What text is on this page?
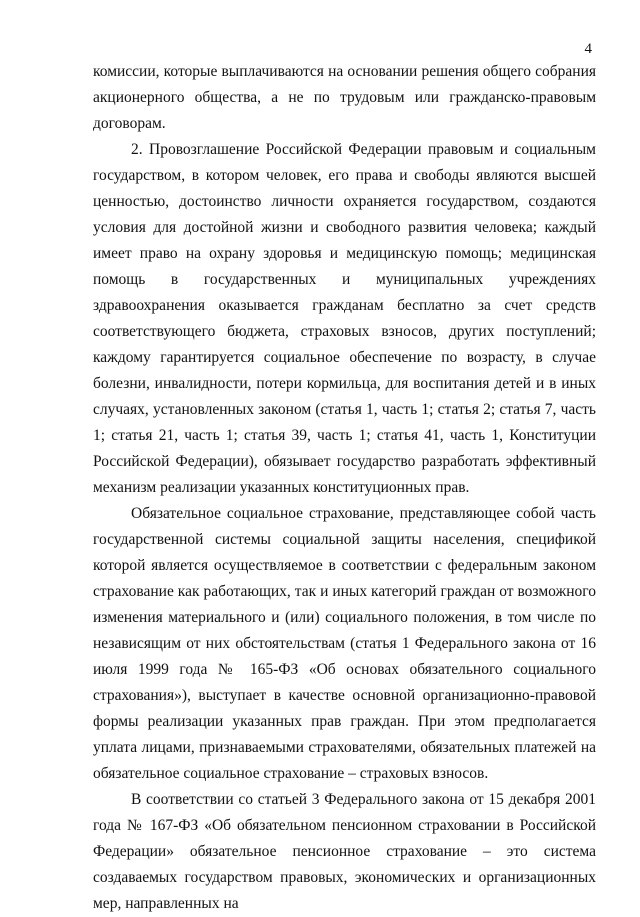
4

комиссии, которые выплачиваются на основании решения общего собрания акционерного общества, а не по трудовым или гражданско-правовым договорам.

2. Провозглашение Российской Федерации правовым и социальным государством, в котором человек, его права и свободы являются высшей ценностью, достоинство личности охраняется государством, создаются условия для достойной жизни и свободного развития человека; каждый имеет право на охрану здоровья и медицинскую помощь; медицинская помощь в государственных и муниципальных учреждениях здравоохранения оказывается гражданам бесплатно за счет средств соответствующего бюджета, страховых взносов, других поступлений; каждому гарантируется социальное обеспечение по возрасту, в случае болезни, инвалидности, потери кормильца, для воспитания детей и в иных случаях, установленных законом (статья 1, часть 1; статья 2; статья 7, часть 1; статья 21, часть 1; статья 39, часть 1; статья 41, часть 1, Конституции Российской Федерации), обязывает государство разработать эффективный механизм реализации указанных конституционных прав.

Обязательное социальное страхование, представляющее собой часть государственной системы социальной защиты населения, спецификой которой является осуществляемое в соответствии с федеральным законом страхование как работающих, так и иных категорий граждан от возможного изменения материального и (или) социального положения, в том числе по независящим от них обстоятельствам (статья 1 Федерального закона от 16 июля 1999 года № 165-ФЗ «Об основах обязательного социального страхования»), выступает в качестве основной организационно-правовой формы реализации указанных прав граждан. При этом предполагается уплата лицами, признаваемыми страхователями, обязательных платежей на обязательное социальное страхование – страховых взносов.

В соответствии со статьей 3 Федерального закона от 15 декабря 2001 года № 167-ФЗ «Об обязательном пенсионном страховании в Российской Федерации» обязательное пенсионное страхование – это система создаваемых государством правовых, экономических и организационных мер, направленных на
